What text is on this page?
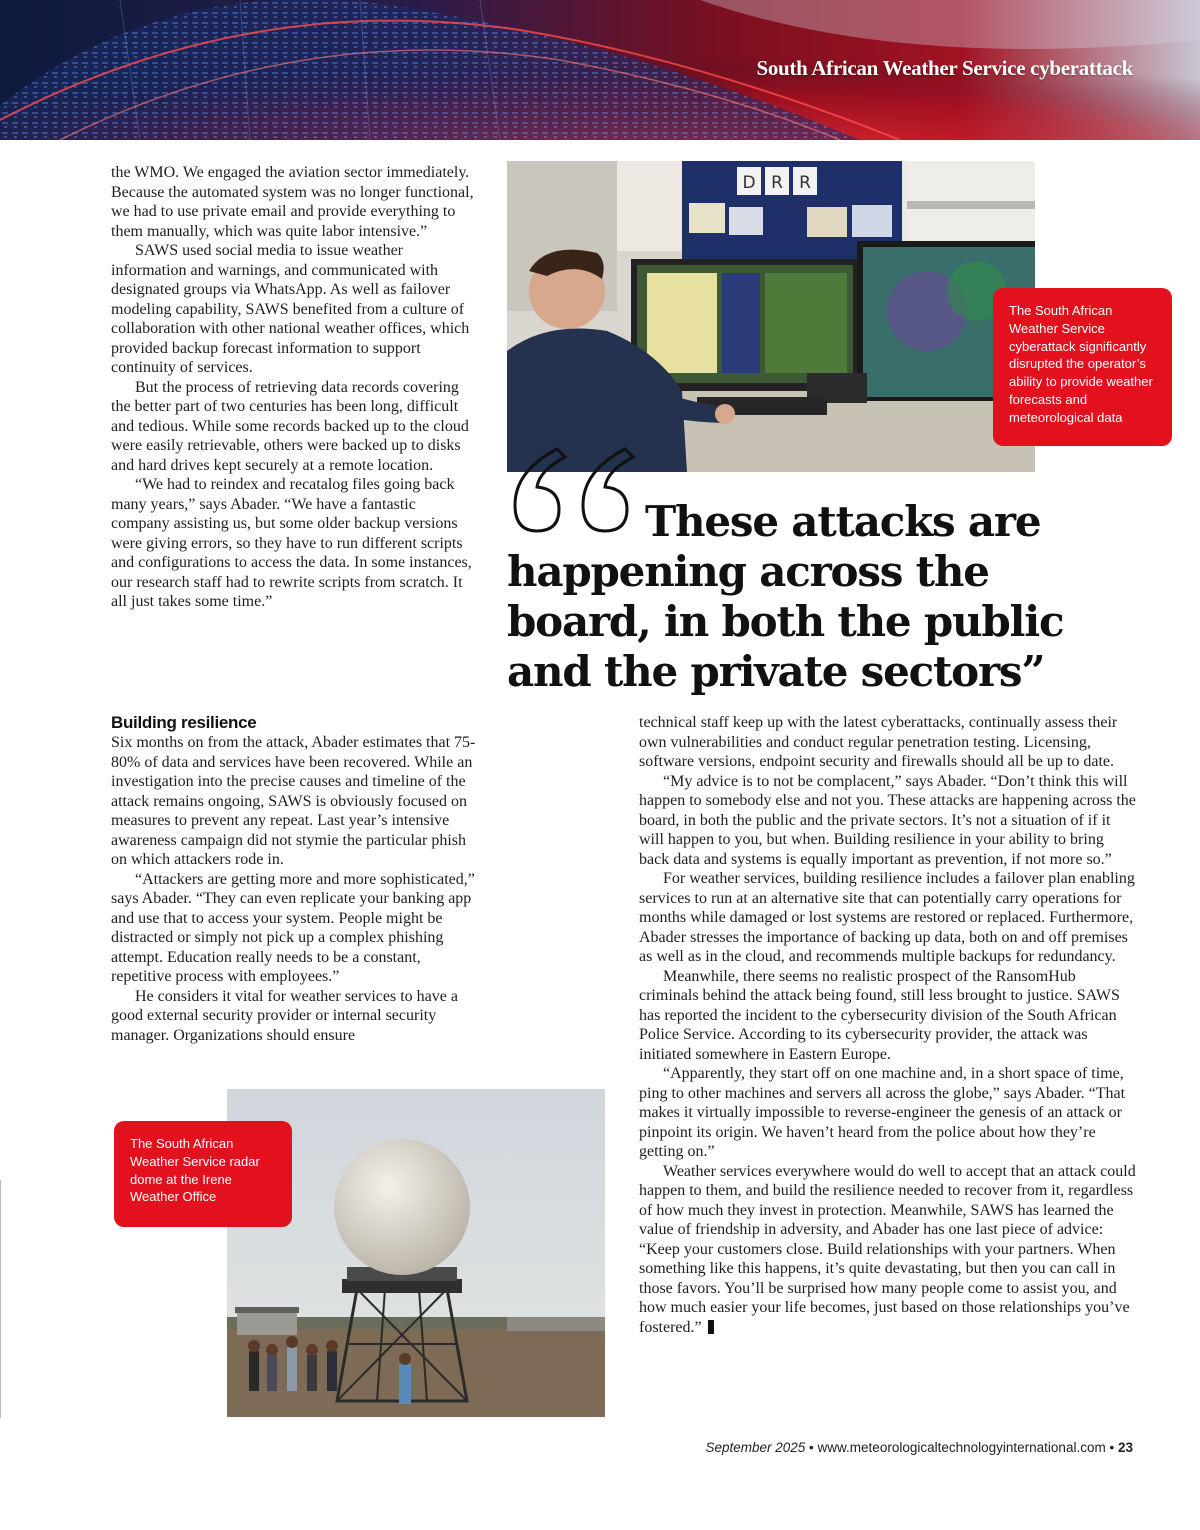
South African Weather Service cyberattack

the WMO. We engaged the aviation sector immediately. Because the automated system was no longer functional, we had to use private email and provide everything to them manually, which was quite labor intensive.”

SAWS used social media to issue weather information and warnings, and communicated with designated groups via WhatsApp. As well as failover modeling capability, SAWS benefited from a culture of collaboration with other national weather offices, which provided backup forecast information to support continuity of services.

But the process of retrieving data records covering the better part of two centuries has been long, difficult and tedious. While some records backed up to the cloud were easily retrievable, others were backed up to disks and hard drives kept securely at a remote location.

“We had to reindex and recatalog files going back many years,” says Abader. “We have a fantastic company assisting us, but some older backup versions were giving errors, so they have to run different scripts and configurations to access the data. In some instances, our research staff had to rewrite scripts from scratch. It all just takes some time.”

D R R
The South African Weather Service cyberattack significantly disrupted the operator’s ability to provide weather forecasts and meteorological data
These attacks are happening across the board, in both the public and the private sectors”

Building resilience

Six months on from the attack, Abader estimates that 75-80% of data and services have been recovered. While an investigation into the precise causes and timeline of the attack remains ongoing, SAWS is obviously focused on measures to prevent any repeat. Last year’s intensive awareness campaign did not stymie the particular phish on which attackers rode in.

“Attackers are getting more and more sophisticated,” says Abader. “They can even replicate your banking app and use that to access your system. People might be distracted or simply not pick up a complex phishing attempt. Education really needs to be a constant, repetitive process with employees.”

He considers it vital for weather services to have a good external security provider or internal security manager. Organizations should ensure

technical staff keep up with the latest cyberattacks, continually assess their own vulnerabilities and conduct regular penetration testing. Licensing, software versions, endpoint security and firewalls should all be up to date.

“My advice is to not be complacent,” says Abader. “Don’t think this will happen to somebody else and not you. These attacks are happening across the board, in both the public and the private sectors. It’s not a situation of if it will happen to you, but when. Building resilience in your ability to bring back data and systems is equally important as prevention, if not more so.”

For weather services, building resilience includes a failover plan enabling services to run at an alternative site that can potentially carry operations for months while damaged or lost systems are restored or replaced. Furthermore, Abader stresses the importance of backing up data, both on and off premises as well as in the cloud, and recommends multiple backups for redundancy.

Meanwhile, there seems no realistic prospect of the RansomHub criminals behind the attack being found, still less brought to justice. SAWS has reported the incident to the cybersecurity division of the South African Police Service. According to its cybersecurity provider, the attack was initiated somewhere in Eastern Europe.

“Apparently, they start off on one machine and, in a short space of time, ping to other machines and servers all across the globe,” says Abader. “That makes it virtually impossible to reverse-engineer the genesis of an attack or pinpoint its origin. We haven’t heard from the police about how they’re getting on.”

Weather services everywhere would do well to accept that an attack could happen to them, and build the resilience needed to recover from it, regardless of how much they invest in protection. Meanwhile, SAWS has learned the value of friendship in adversity, and Abader has one last piece of advice: “Keep your customers close. Build relationships with your partners. When something like this happens, it’s quite devastating, but then you can call in those favors. You’ll be surprised how many people come to assist you, and how much easier your life becomes, just based on those relationships you’ve fostered.”

The South African Weather Service radar dome at the Irene Weather Office
September 2025 • www.meteorologicaltechnologyinternational.com • 23
